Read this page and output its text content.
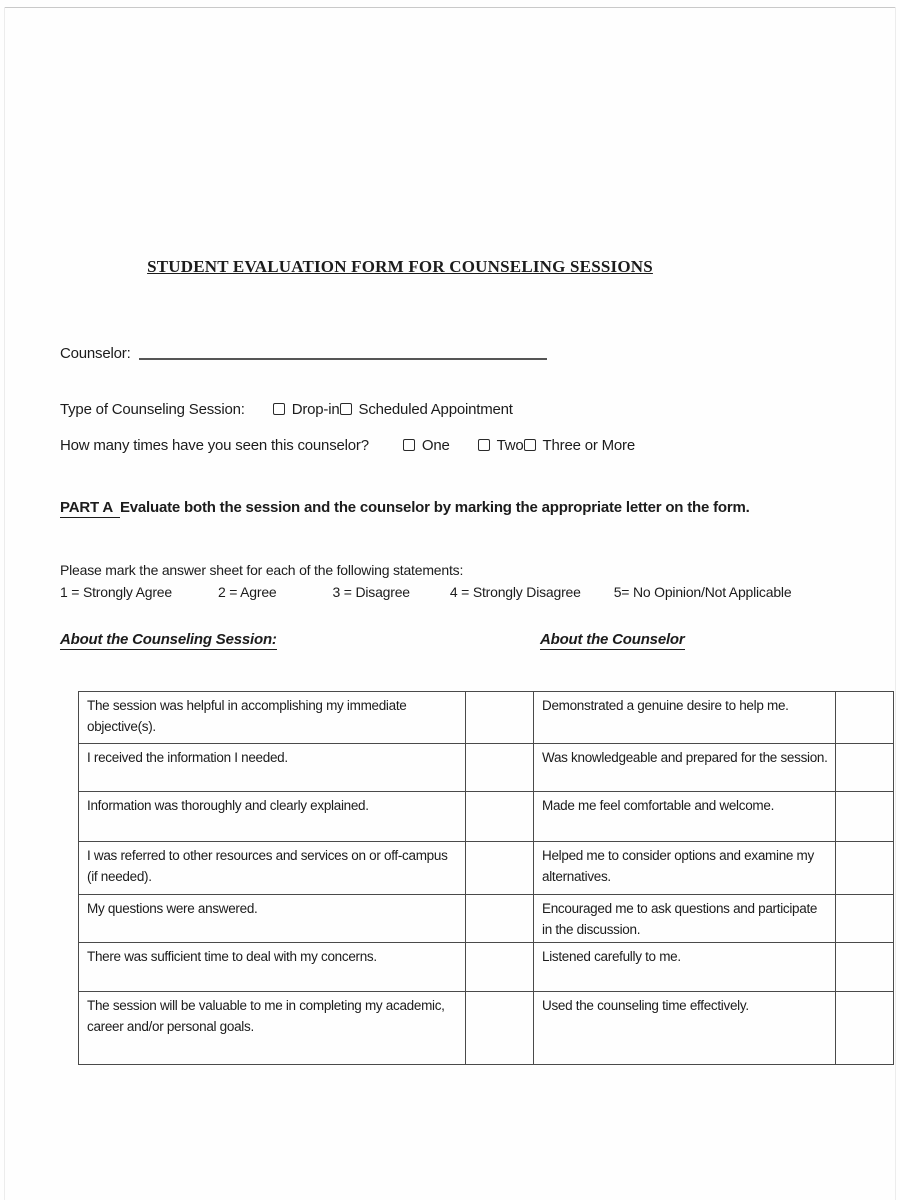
STUDENT EVALUATION FORM FOR COUNSELING SESSIONS
Counselor:
Type of Counseling Session:	Drop-in Scheduled Appointment
How many times have you seen this counselor?	One	Two Three or More
PART A Evaluate both the session and the counselor by marking the appropriate letter on the form.
Please mark the answer sheet for each of the following statements:
1 = Strongly Agree	2 = Agree	3 = Disagree	4 = Strongly Disagree 5= No Opinion/Not Applicable
About the Counseling Session:	About the Counselor
The session was helpful in accomplishing my immediate objective(s).		Demonstrated a genuine desire to help me.	
I received the information I needed.		Was knowledgeable and prepared for the session.	
Information was thoroughly and clearly explained.		Made me feel comfortable and welcome.	
I was referred to other resources and services on or off-campus (if needed).		Helped me to consider options and examine my alternatives.	
My questions were answered.		Encouraged me to ask questions and participate in the discussion.	
There was sufficient time to deal with my concerns.		Listened carefully to me.	
The session will be valuable to me in completing my academic, career and/or personal goals.		Used the counseling time effectively.	
